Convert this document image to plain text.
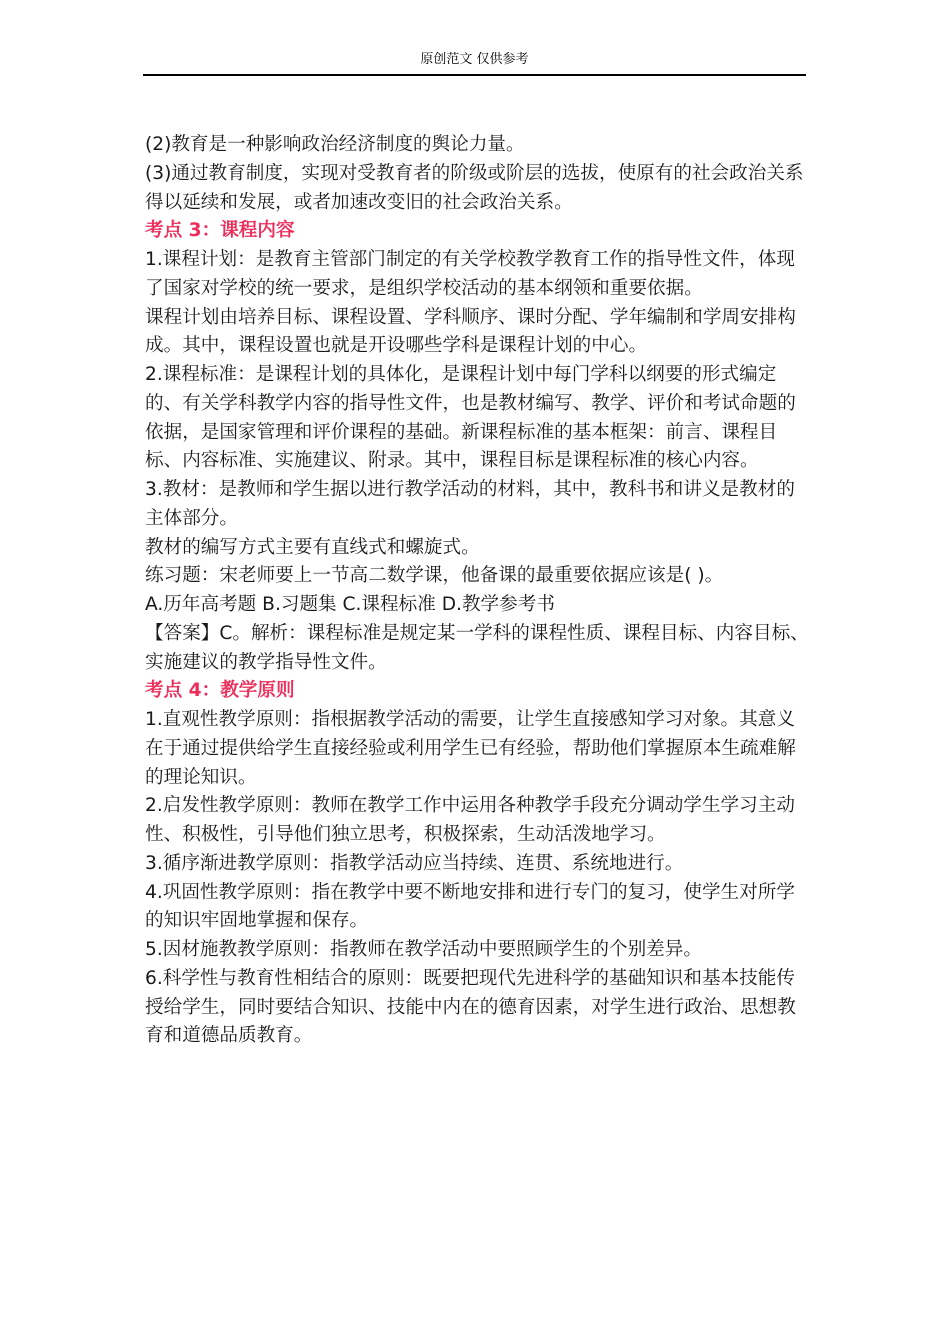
原创范文 仅供参考

(2)教育是一种影响政治经济制度的舆论力量。

(3)通过教育制度，实现对受教育者的阶级或阶层的选拔，使原有的社会政治关系得以延续和发展，或者加速改变旧的社会政治关系。

考点 3：课程内容

1.课程计划：是教育主管部门制定的有关学校教学教育工作的指导性文件，体现了国家对学校的统一要求，是组织学校活动的基本纲领和重要依据。

课程计划由培养目标、课程设置、学科顺序、课时分配、学年编制和学周安排构成。其中，课程设置也就是开设哪些学科是课程计划的中心。

2.课程标准：是课程计划的具体化，是课程计划中每门学科以纲要的形式编定的、有关学科教学内容的指导性文件，也是教材编写、教学、评价和考试命题的依据，是国家管理和评价课程的基础。新课程标准的基本框架：前言、课程目标、内容标准、实施建议、附录。其中，课程目标是课程标准的核心内容。

3.教材：是教师和学生据以进行教学活动的材料，其中，教科书和讲义是教材的主体部分。

教材的编写方式主要有直线式和螺旋式。

练习题：宋老师要上一节高二数学课，他备课的最重要依据应该是( )。

A.历年高考题 B.习题集 C.课程标准 D.教学参考书

【答案】C。解析：课程标准是规定某一学科的课程性质、课程目标、内容目标、实施建议的教学指导性文件。

考点 4：教学原则

1.直观性教学原则：指根据教学活动的需要，让学生直接感知学习对象。其意义在于通过提供给学生直接经验或利用学生已有经验，帮助他们掌握原本生疏难解的理论知识。

2.启发性教学原则：教师在教学工作中运用各种教学手段充分调动学生学习主动性、积极性，引导他们独立思考，积极探索，生动活泼地学习。

3.循序渐进教学原则：指教学活动应当持续、连贯、系统地进行。

4.巩固性教学原则：指在教学中要不断地安排和进行专门的复习，使学生对所学的知识牢固地掌握和保存。

5.因材施教教学原则：指教师在教学活动中要照顾学生的个别差异。

6.科学性与教育性相结合的原则：既要把现代先进科学的基础知识和基本技能传授给学生，同时要结合知识、技能中内在的德育因素，对学生进行政治、思想教育和道德品质教育。
